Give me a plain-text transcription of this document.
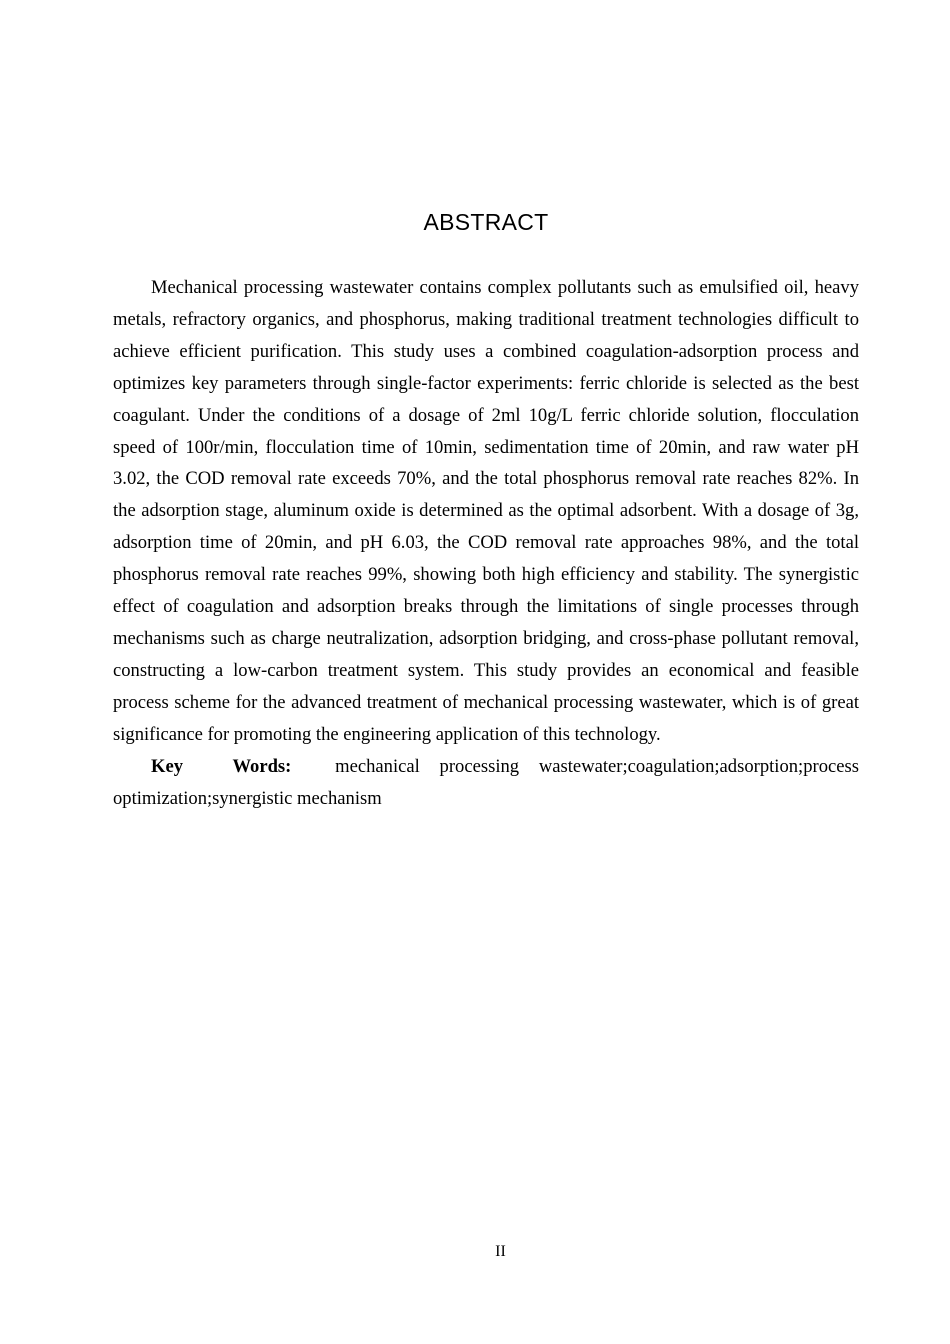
ABSTRACT

Mechanical processing wastewater contains complex pollutants such as emulsified oil, heavy metals, refractory organics, and phosphorus, making traditional treatment technologies difficult to achieve efficient purification. This study uses a combined coagulation-adsorption process and optimizes key parameters through single-factor experiments: ferric chloride is selected as the best coagulant. Under the conditions of a dosage of 2ml 10g/L ferric chloride solution, flocculation speed of 100r/min, flocculation time of 10min, sedimentation time of 20min, and raw water pH 3.02, the COD removal rate exceeds 70%, and the total phosphorus removal rate reaches 82%. In the adsorption stage, aluminum oxide is determined as the optimal adsorbent. With a dosage of 3g, adsorption time of 20min, and pH 6.03, the COD removal rate approaches 98%, and the total phosphorus removal rate reaches 99%, showing both high efficiency and stability. The synergistic effect of coagulation and adsorption breaks through the limitations of single processes through mechanisms such as charge neutralization, adsorption bridging, and cross-phase pollutant removal, constructing a low-carbon treatment system. This study provides an economical and feasible process scheme for the advanced treatment of mechanical processing wastewater, which is of great significance for promoting the engineering application of this technology.

Key Words: mechanical processing wastewater;coagulation;adsorption;process optimization;synergistic mechanism

II
